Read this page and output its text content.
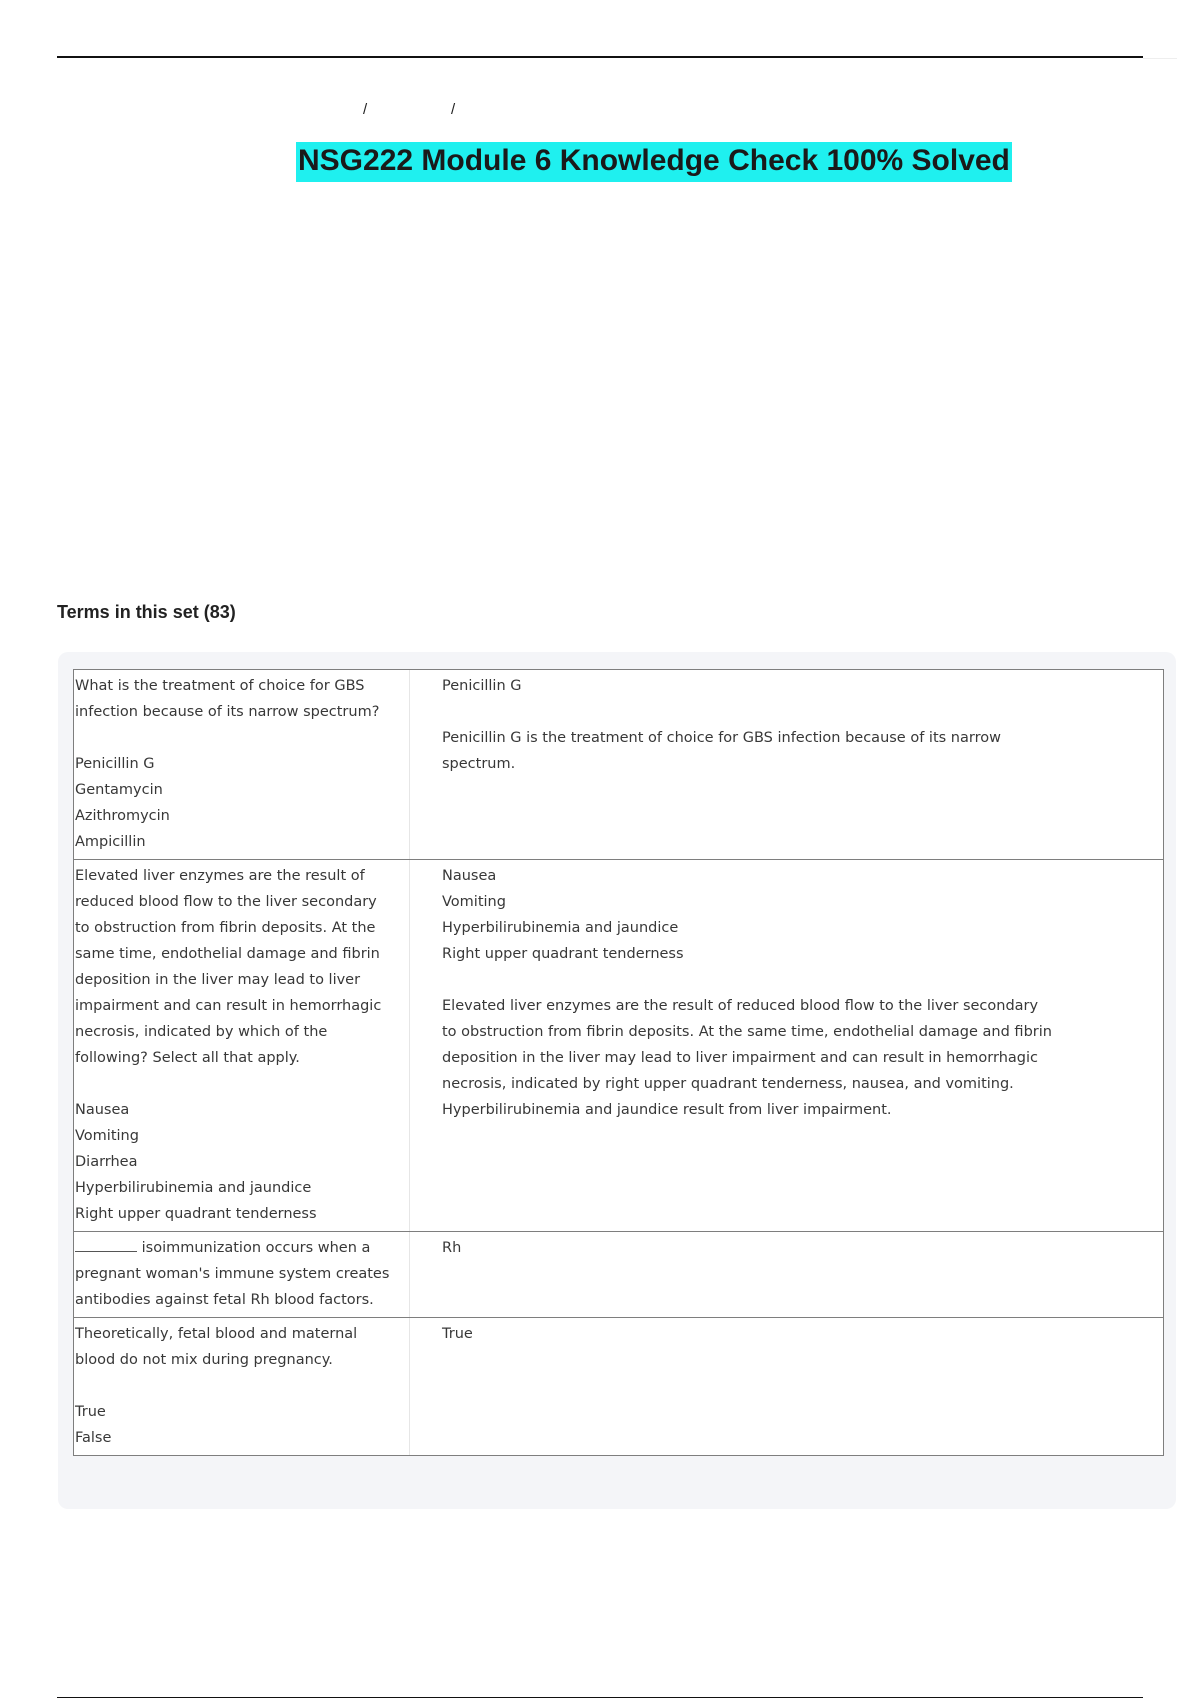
/	/
NSG222 Module 6 Knowledge Check 100% Solved
Terms in this set (83)
What is the treatment of choice for GBS
infection because of its narrow spectrum?
Penicillin G
Gentamycin
Azithromycin
Ampicillin
Penicillin G
Penicillin G is the treatment of choice for GBS infection because of its narrow
spectrum.
Elevated liver enzymes are the result of
reduced blood flow to the liver secondary
to obstruction from fibrin deposits. At the
same time, endothelial damage and fibrin
deposition in the liver may lead to liver
impairment and can result in hemorrhagic
necrosis, indicated by which of the
following? Select all that apply.
Nausea
Vomiting
Diarrhea
Hyperbilirubinemia and jaundice
Right upper quadrant tenderness
Nausea
Vomiting
Hyperbilirubinemia and jaundice
Right upper quadrant tenderness
Elevated liver enzymes are the result of reduced blood flow to the liver secondary
to obstruction from fibrin deposits. At the same time, endothelial damage and fibrin
deposition in the liver may lead to liver impairment and can result in hemorrhagic
necrosis, indicated by right upper quadrant tenderness, nausea, and vomiting.
Hyperbilirubinemia and jaundice result from liver impairment.
isoimmunization occurs when a
pregnant woman's immune system creates
antibodies against fetal Rh blood factors.
Rh
Theoretically, fetal blood and maternal
blood do not mix during pregnancy.
True
False
True
